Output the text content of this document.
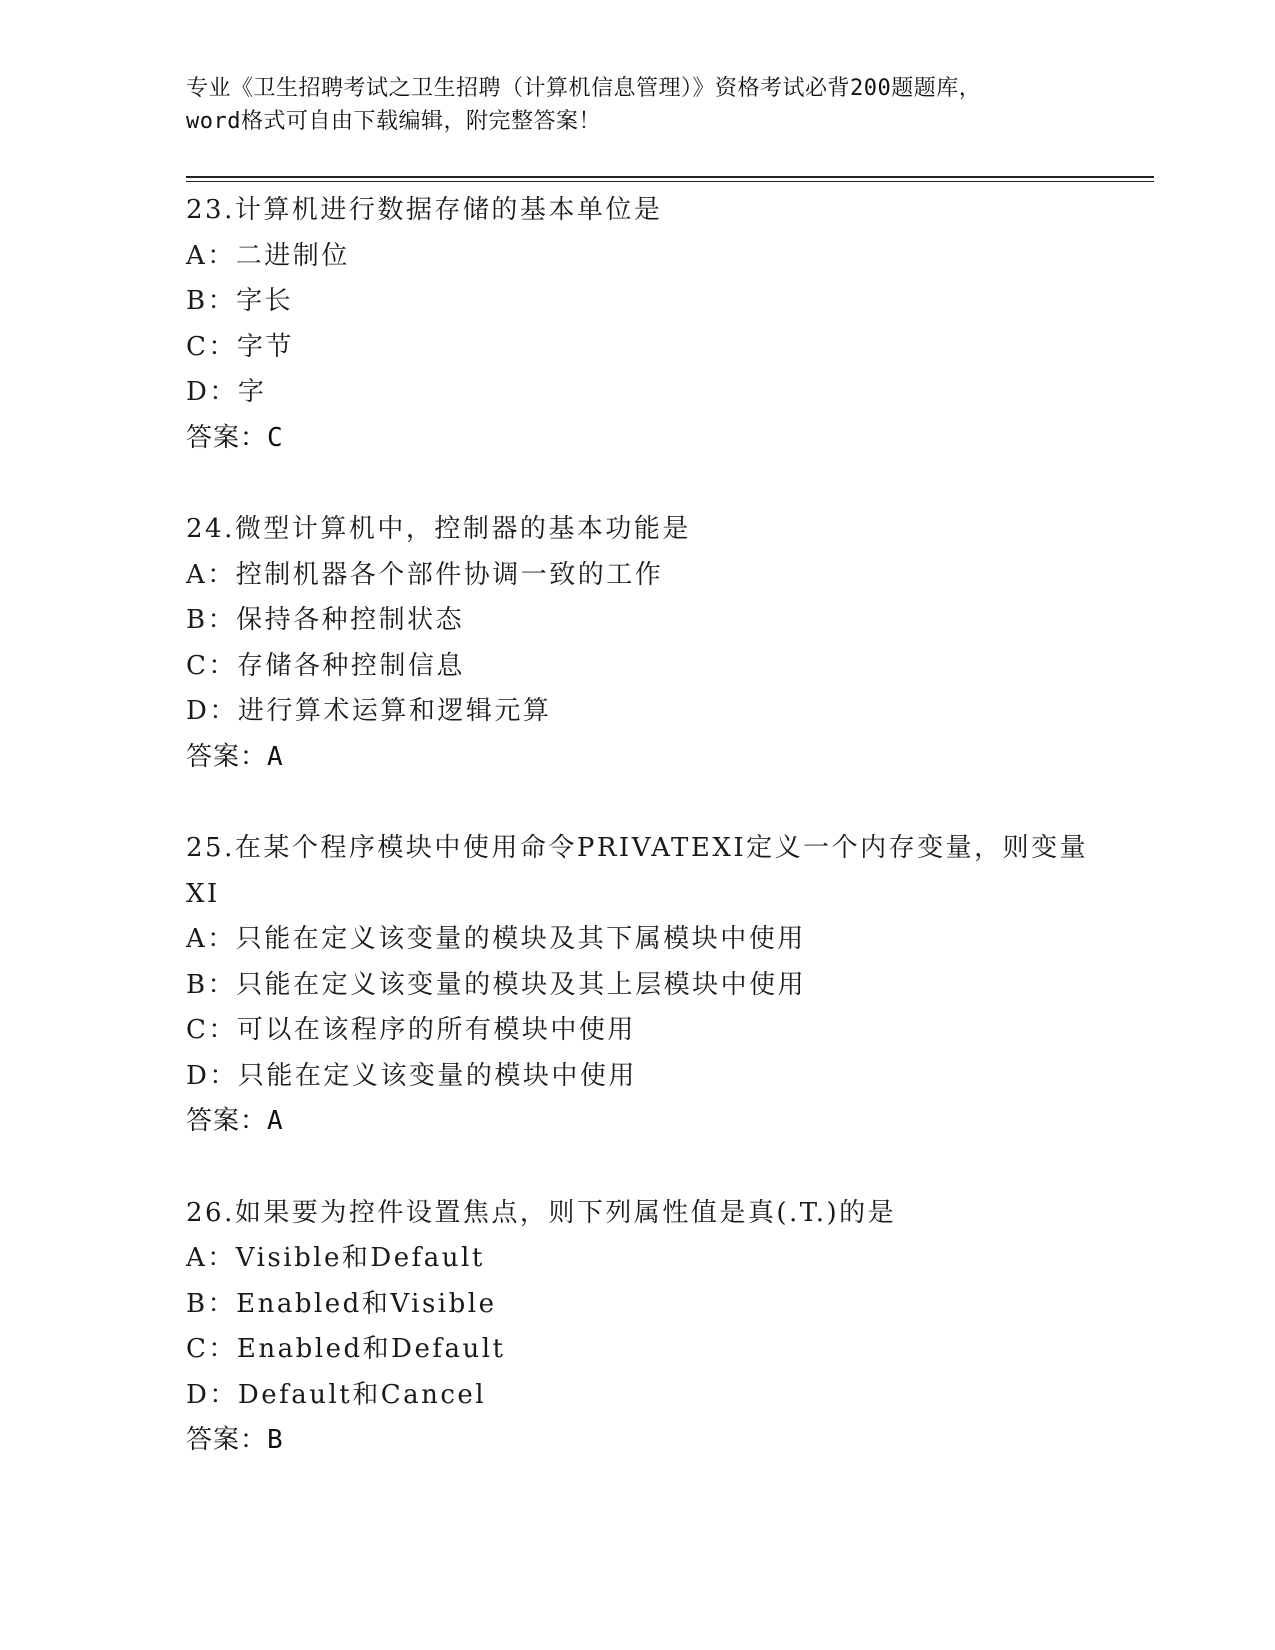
专业《卫生招聘考试之卫生招聘（计算机信息管理）》资格考试必背200题题库，
word格式可自由下载编辑，附完整答案！
23.计算机进行数据存储的基本单位是
A：二进制位
B：字长
C：字节
D：字
答案：C
24.微型计算机中，控制器的基本功能是
A：控制机器各个部件协调一致的工作
B：保持各种控制状态
C：存储各种控制信息
D：进行算术运算和逻辑元算
答案：A
25.在某个程序模块中使用命令PRIVATEXI定义一个内存变量，则变量
XI
A：只能在定义该变量的模块及其下属模块中使用
B：只能在定义该变量的模块及其上层模块中使用
C：可以在该程序的所有模块中使用
D：只能在定义该变量的模块中使用
答案：A
26.如果要为控件设置焦点，则下列属性值是真(.T.)的是
A：Visible和Default
B：Enabled和Visible
C：Enabled和Default
D：Default和Cancel
答案：B
